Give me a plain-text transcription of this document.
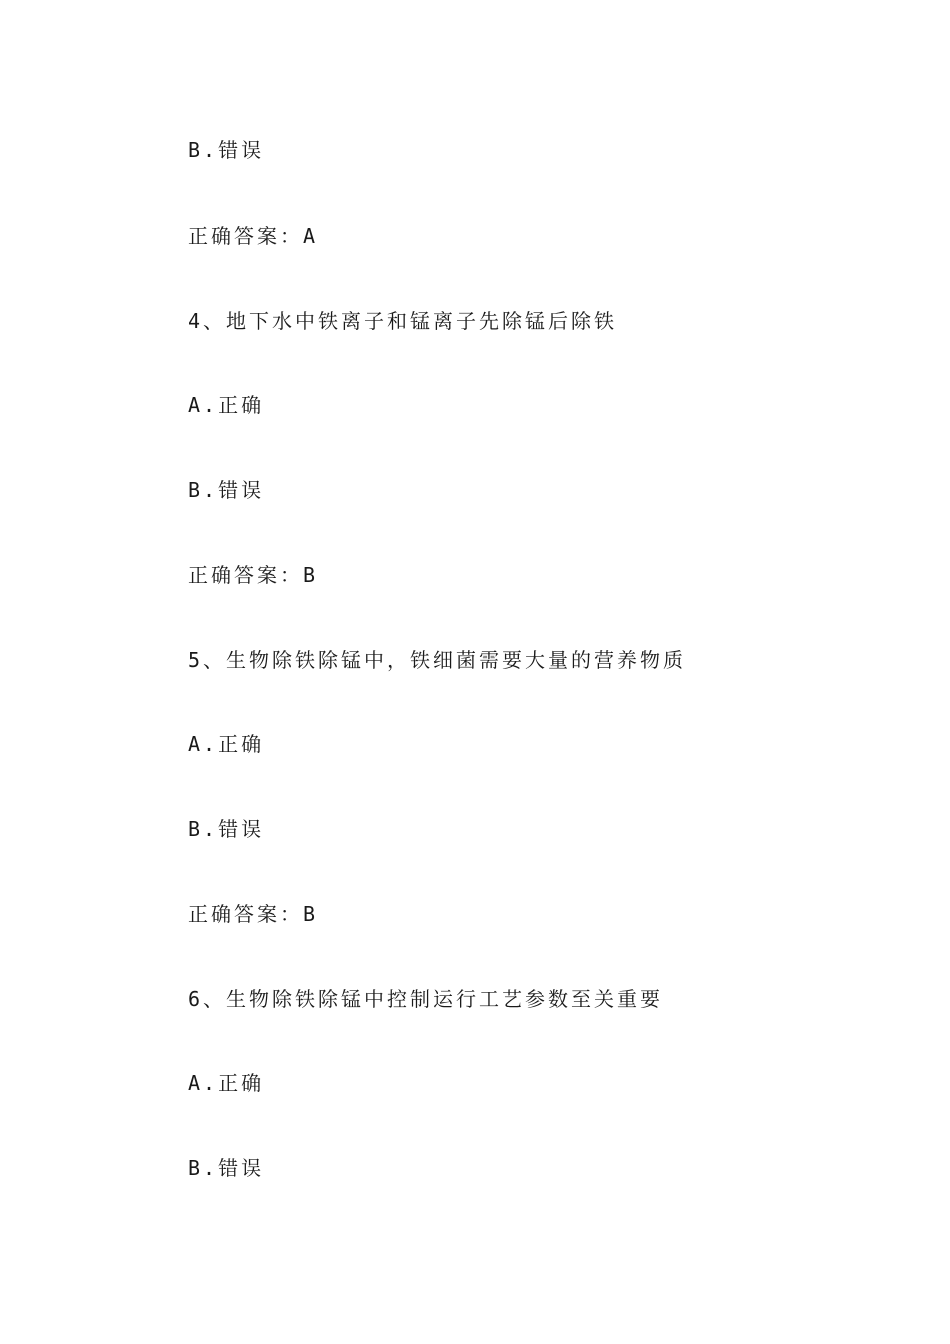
B.错误
正确答案：A
4、地下水中铁离子和锰离子先除锰后除铁
A.正确
B.错误
正确答案：B
5、生物除铁除锰中，铁细菌需要大量的营养物质
A.正确
B.错误
正确答案：B
6、生物除铁除锰中控制运行工艺参数至关重要
A.正确
B.错误
